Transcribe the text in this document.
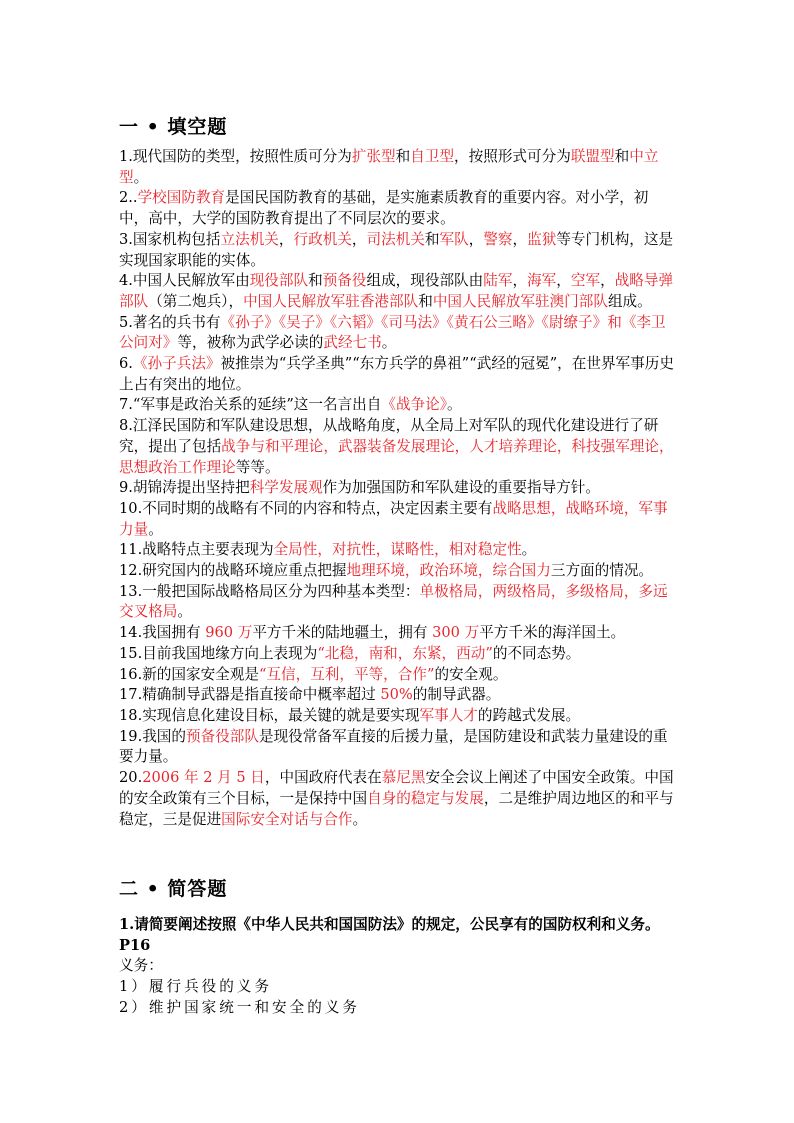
一 • 填空题

1.现代国防的类型，按照性质可分为扩张型和自卫型，按照形式可分为联盟型和中立型。

2..学校国防教育是国民国防教育的基础，是实施素质教育的重要内容。对小学，初中，高中，大学的国防教育提出了不同层次的要求。

3.国家机构包括立法机关，行政机关，司法机关和军队，警察，监狱等专门机构，这是实现国家职能的实体。

4.中国人民解放军由现役部队和预备役组成，现役部队由陆军，海军，空军，战略导弹部队（第二炮兵），中国人民解放军驻香港部队和中国人民解放军驻澳门部队组成。

5.著名的兵书有《孙子》《吴子》《六韬》《司马法》《黄石公三略》《尉缭子》和《李卫公问对》等，被称为武学必读的武经七书。

6.《孙子兵法》被推崇为“兵学圣典”“东方兵学的鼻祖”“武经的冠冕”，在世界军事历史上占有突出的地位。

7.“军事是政治关系的延续”这一名言出自《战争论》。

8.江泽民国防和军队建设思想，从战略角度，从全局上对军队的现代化建设进行了研究，提出了包括战争与和平理论，武器装备发展理论，人才培养理论，科技强军理论，思想政治工作理论等等。

9.胡锦涛提出坚持把科学发展观作为加强国防和军队建设的重要指导方针。

10.不同时期的战略有不同的内容和特点，决定因素主要有战略思想，战略环境，军事力量。

11.战略特点主要表现为全局性，对抗性，谋略性，相对稳定性。

12.研究国内的战略环境应重点把握地理环境，政治环境，综合国力三方面的情况。

13.一般把国际战略格局区分为四种基本类型：单极格局，两级格局，多级格局，多远交叉格局。

14.我国拥有 960 万平方千米的陆地疆土，拥有 300 万平方千米的海洋国土。

15.目前我国地缘方向上表现为“北稳，南和，东紧，西动”的不同态势。

16.新的国家安全观是“互信，互利，平等，合作”的安全观。

17.精确制导武器是指直接命中概率超过 50%的制导武器。

18.实现信息化建设目标，最关键的就是要实现军事人才的跨越式发展。

19.我国的预备役部队是现役常备军直接的后援力量，是国防建设和武装力量建设的重要力量。

20.2006 年 2 月 5 日，中国政府代表在慕尼黑安全会议上阐述了中国安全政策。中国的安全政策有三个目标，一是保持中国自身的稳定与发展，二是维护周边地区的和平与稳定，三是促进国际安全对话与合作。

二 • 简答题

1.请简要阐述按照《中华人民共和国国防法》的规定，公民享有的国防权利和义务。P16

义务：

1）履行兵役的义务

2）维护国家统一和安全的义务
